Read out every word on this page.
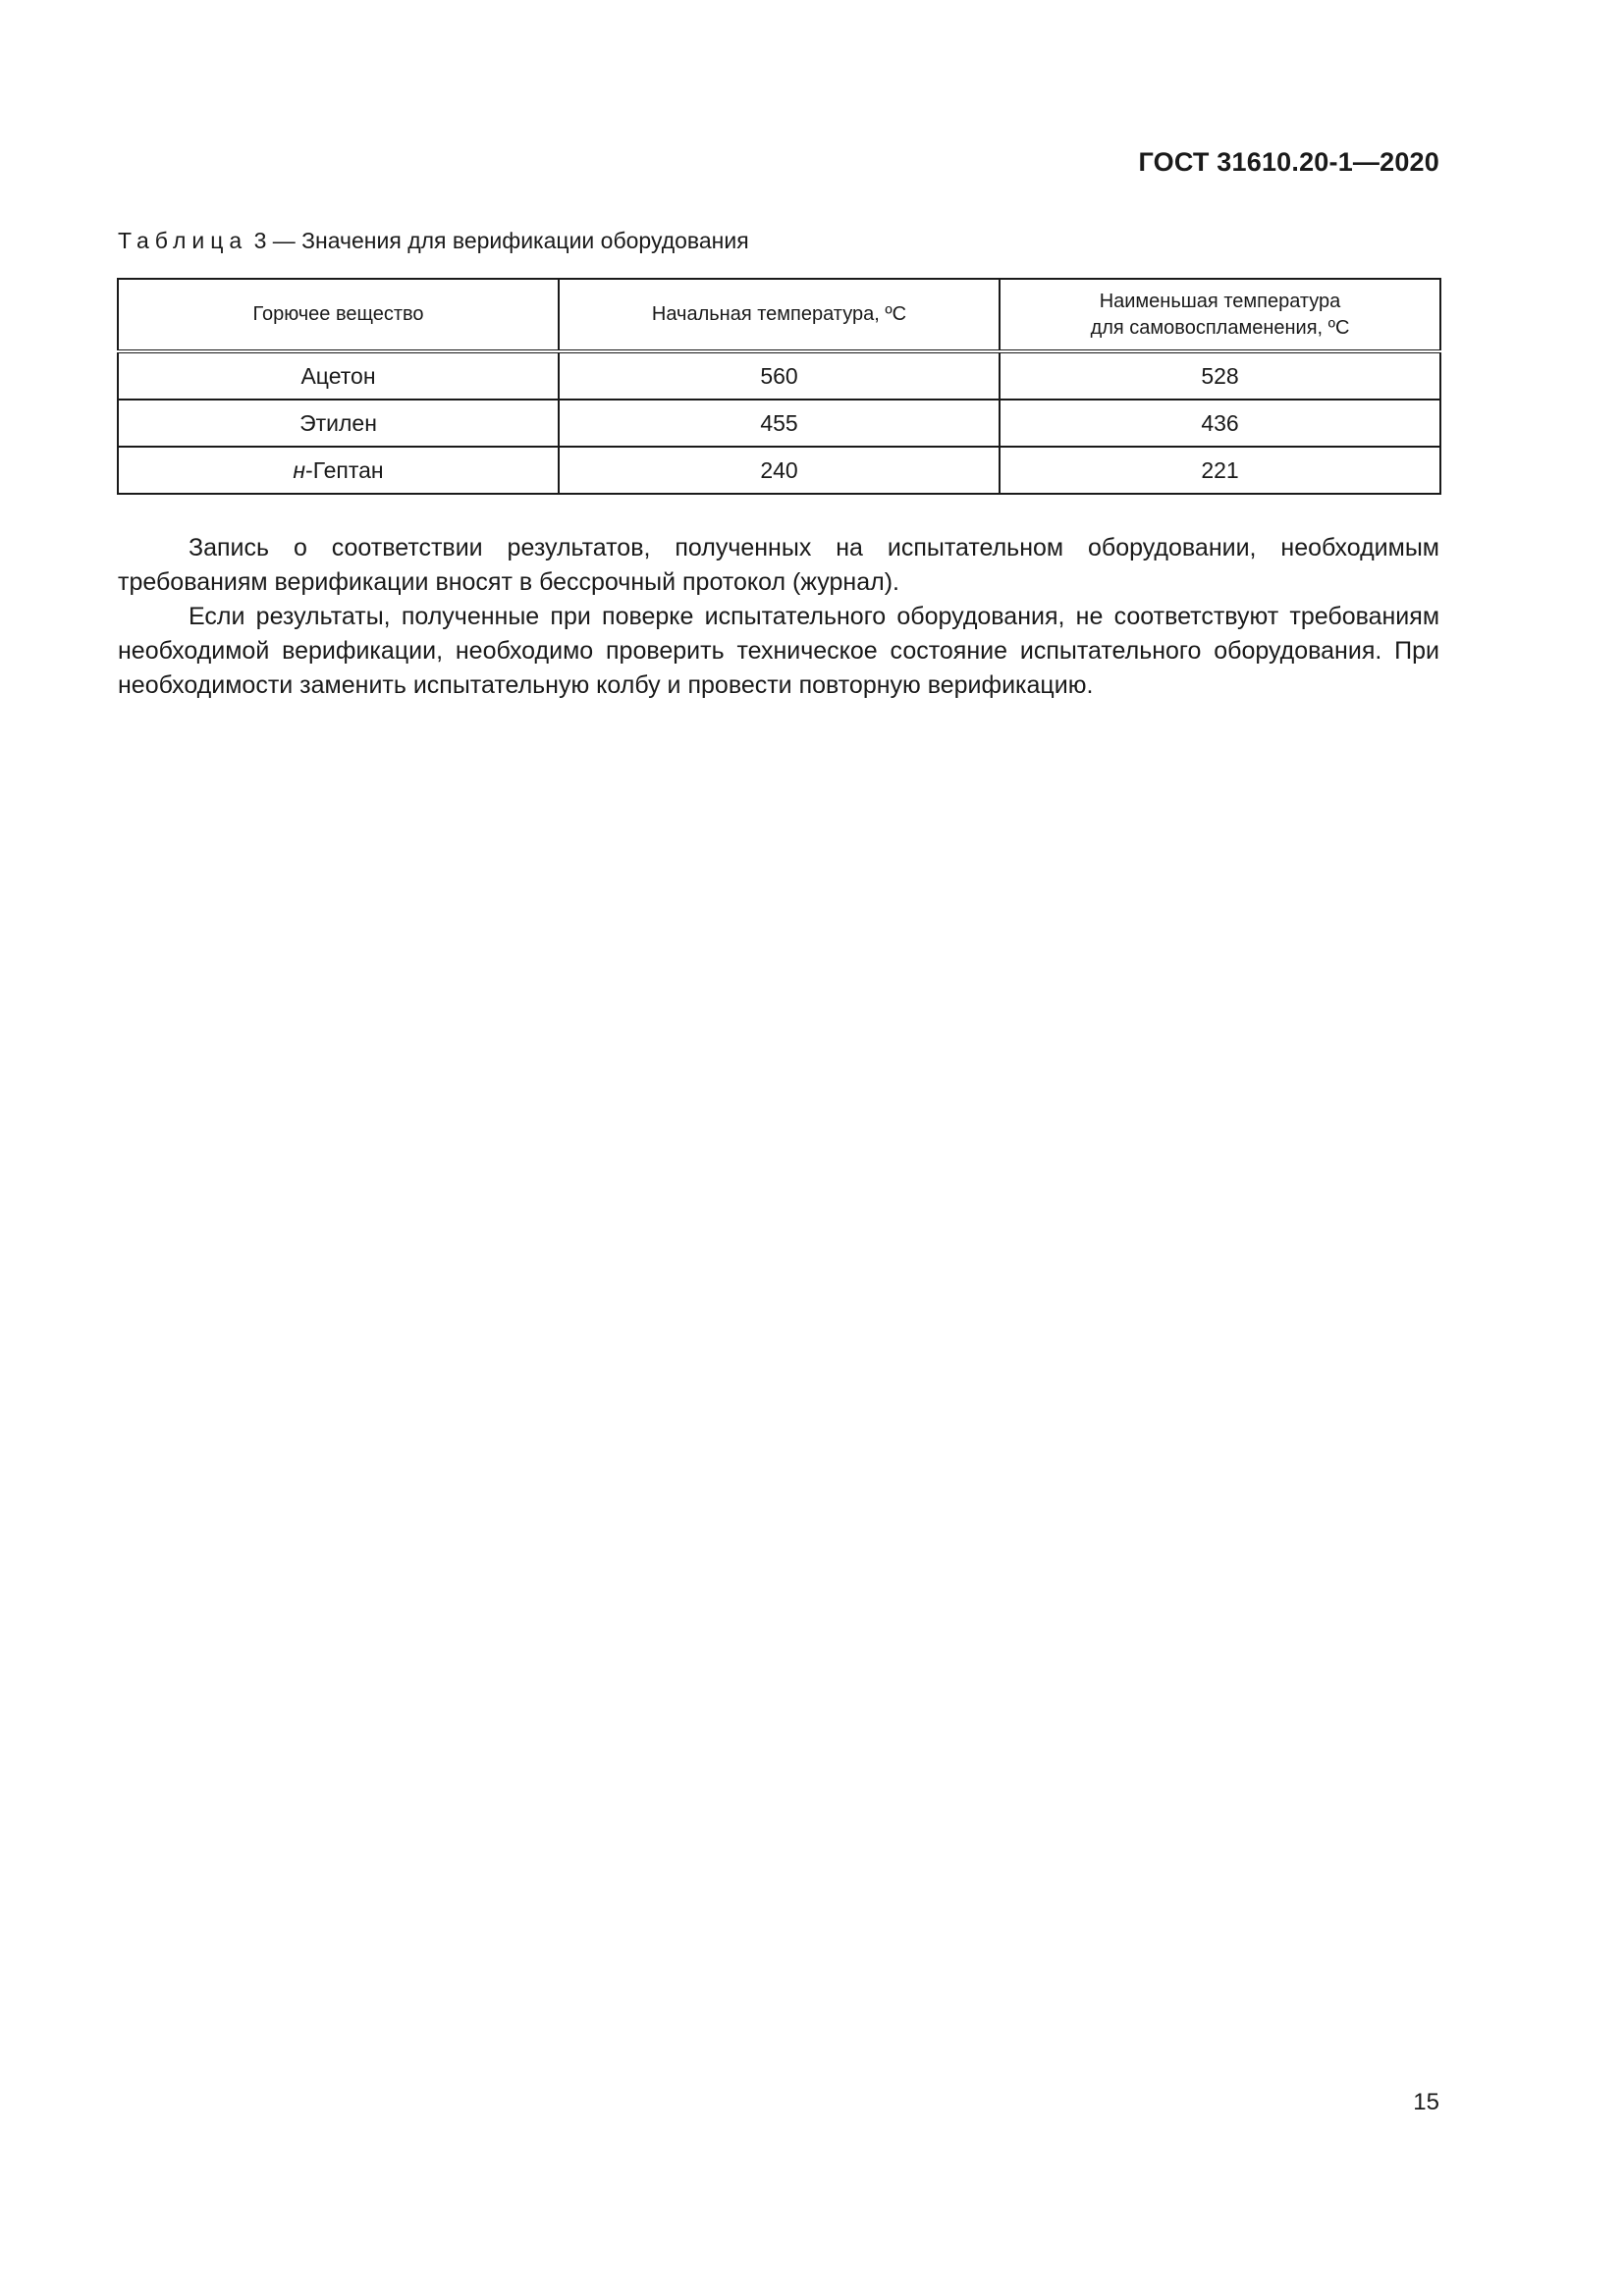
ГОСТ 31610.20-1—2020
Таблица 3 — Значения для верификации оборудования
Горючее вещество	Начальная температура, ºС	Наименьшая температура
для самовоспламенения, ºС
Ацетон	560	528
Этилен	455	436
н-Гептан	240	221

Запись о соответствии результатов, полученных на испытательном оборудовании, необходимым требованиям верификации вносят в бессрочный протокол (журнал).

Если результаты, полученные при поверке испытательного оборудования, не соответствуют требованиям необходимой верификации, необходимо проверить техническое состояние испытательного оборудования. При необходимости заменить испытательную колбу и провести повторную верификацию.

15
